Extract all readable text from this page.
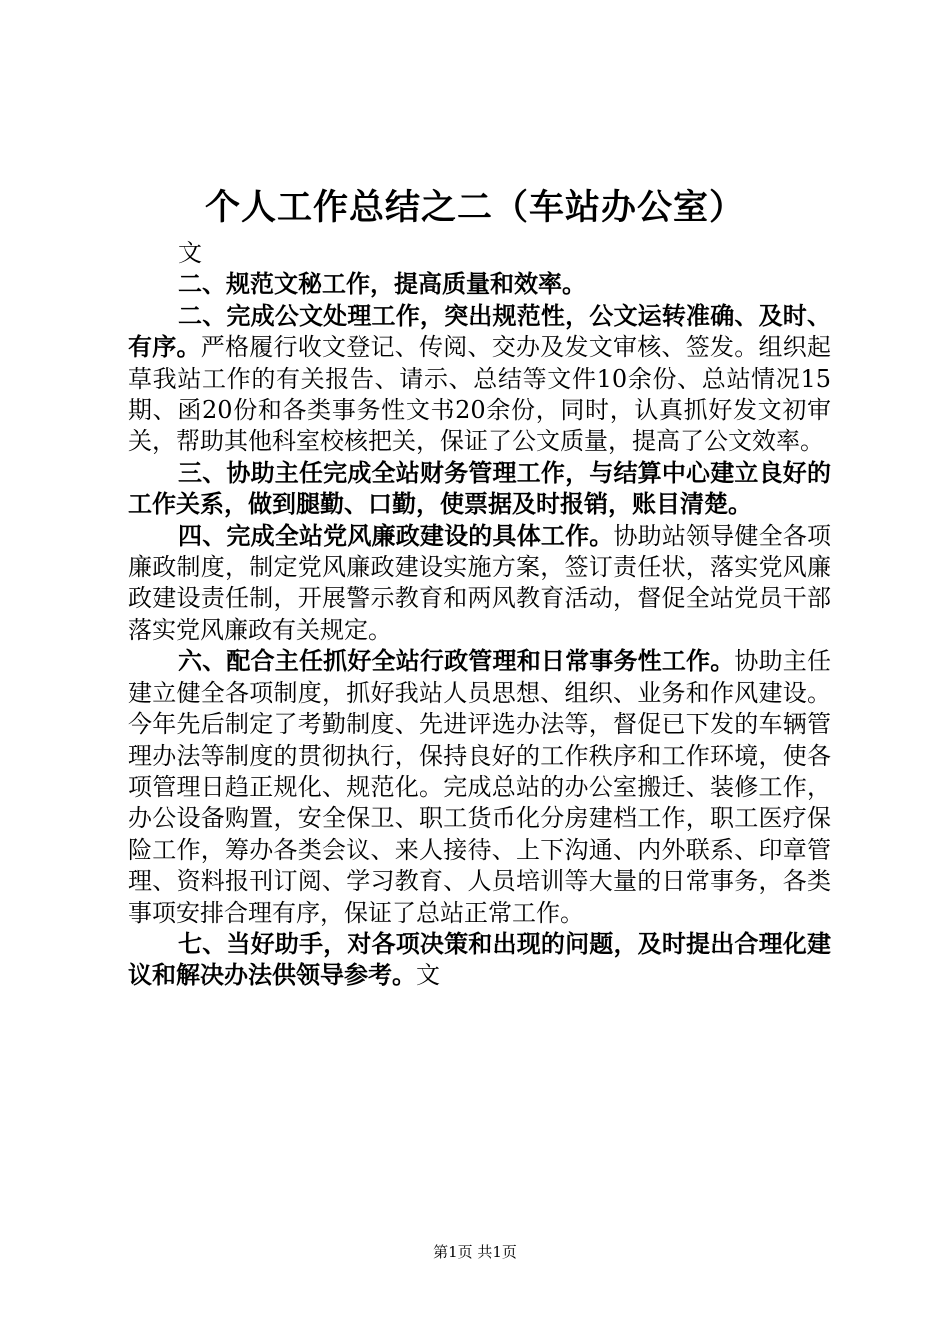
个人工作总结之二（车站办公室）

文

二、规范文秘工作，提高质量和效率。

二、完成公文处理工作，突出规范性，公文运转准确、及时、有序。严格履行收文登记、传阅、交办及发文审核、签发。组织起草我站工作的有关报告、请示、总结等文件10余份、总站情况15期、函20份和各类事务性文书20余份，同时，认真抓好发文初审关，帮助其他科室校核把关，保证了公文质量，提高了公文效率。

三、协助主任完成全站财务管理工作，与结算中心建立良好的工作关系，做到腿勤、口勤，使票据及时报销，账目清楚。

四、完成全站党风廉政建设的具体工作。协助站领导健全各项廉政制度，制定党风廉政建设实施方案，签订责任状，落实党风廉政建设责任制，开展警示教育和两风教育活动，督促全站党员干部落实党风廉政有关规定。

六、配合主任抓好全站行政管理和日常事务性工作。协助主任建立健全各项制度，抓好我站人员思想、组织、业务和作风建设。今年先后制定了考勤制度、先进评选办法等，督促已下发的车辆管理办法等制度的贯彻执行，保持良好的工作秩序和工作环境，使各项管理日趋正规化、规范化。完成总站的办公室搬迁、装修工作，办公设备购置，安全保卫、职工货币化分房建档工作，职工医疗保险工作，筹办各类会议、来人接待、上下沟通、内外联系、印章管理、资料报刊订阅、学习教育、人员培训等大量的日常事务，各类事项安排合理有序，保证了总站正常工作。

七、当好助手，对各项决策和出现的问题，及时提出合理化建议和解决办法供领导参考。文

第1页 共1页
